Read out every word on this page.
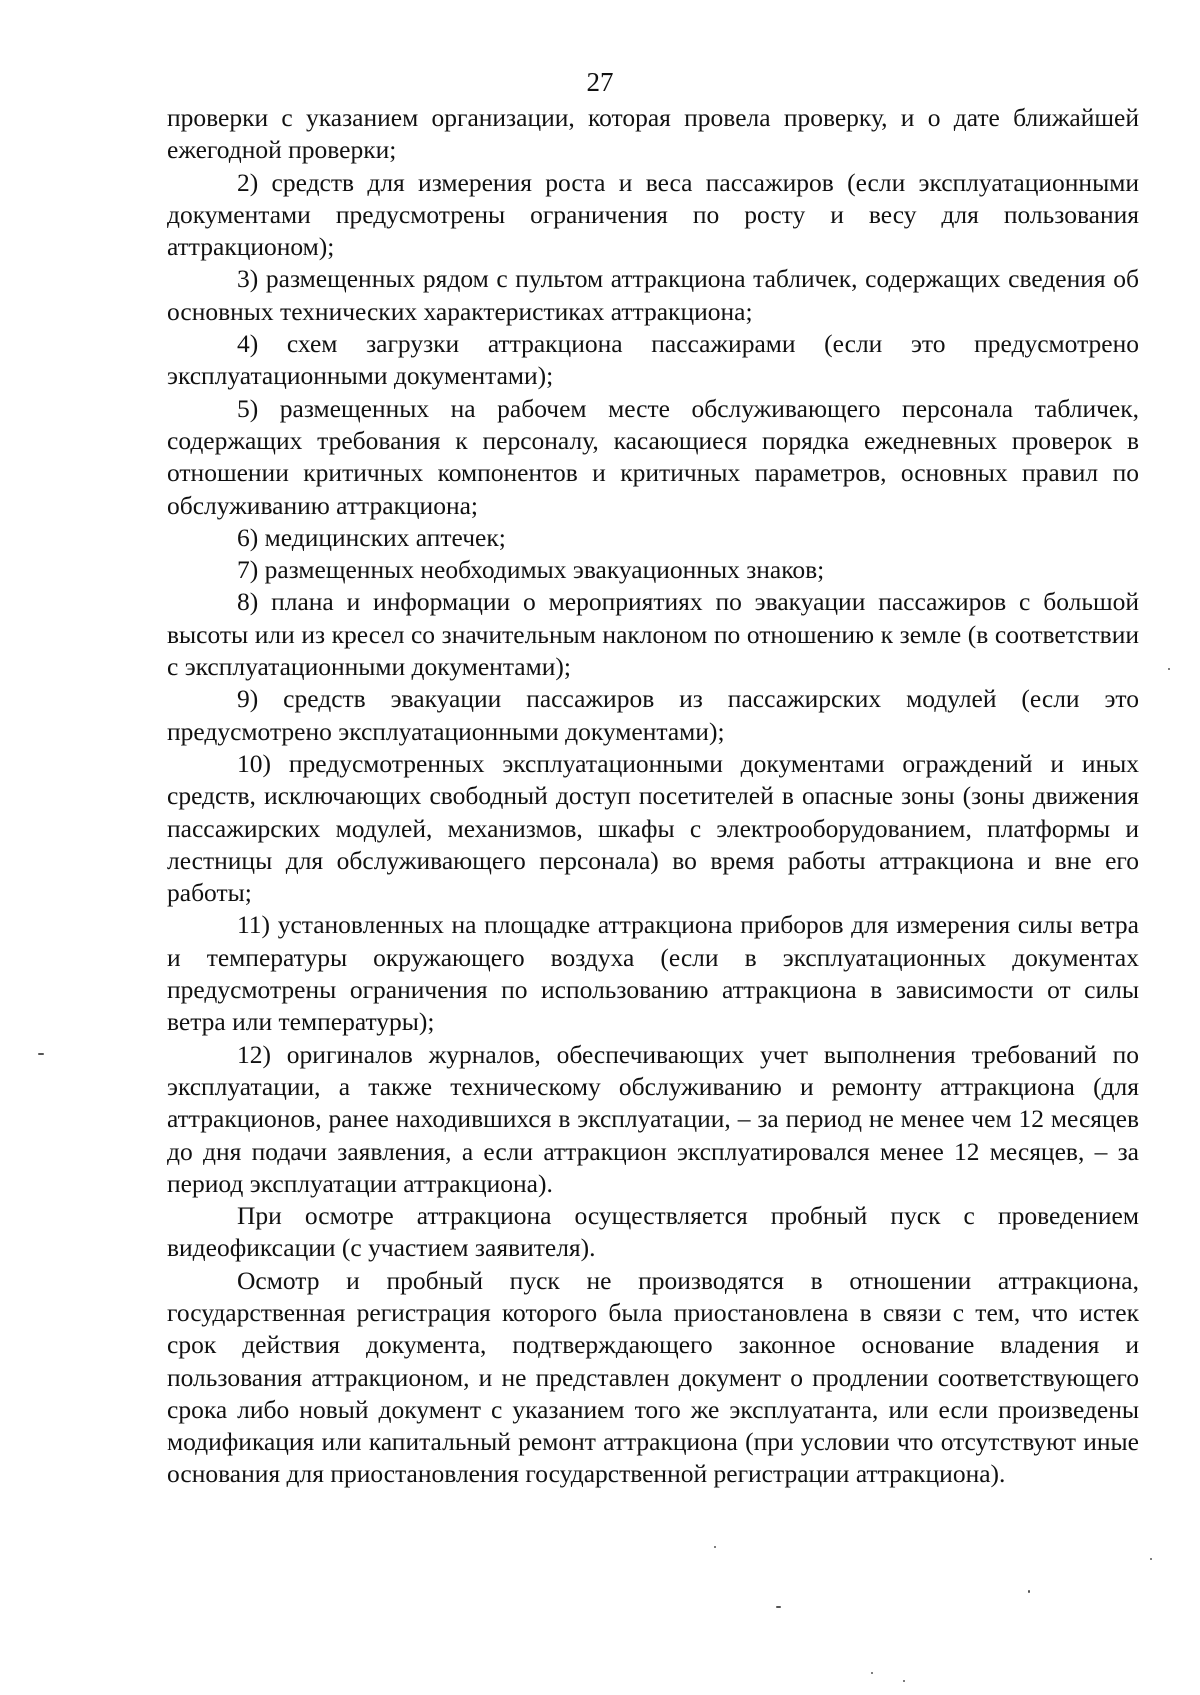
27

проверки с указанием организации, которая провела проверку, и о дате ближайшей ежегодной проверки;

2) средств для измерения роста и веса пассажиров (если эксплуатационными документами предусмотрены ограничения по росту и весу для пользования аттракционом);

3) размещенных рядом с пультом аттракциона табличек, содержащих сведения об основных технических характеристиках аттракциона;

4) схем загрузки аттракциона пассажирами (если это предусмотрено эксплуатационными документами);

5) размещенных на рабочем месте обслуживающего персонала табличек, содержащих требования к персоналу, касающиеся порядка ежедневных проверок в отношении критичных компонентов и критичных параметров, основных правил по обслуживанию аттракциона;

6) медицинских аптечек;

7) размещенных необходимых эвакуационных знаков;

8) плана и информации о мероприятиях по эвакуации пассажиров с большой высоты или из кресел со значительным наклоном по отношению к земле (в соответствии с эксплуатационными документами);

9) средств эвакуации пассажиров из пассажирских модулей (если это предусмотрено эксплуатационными документами);

10) предусмотренных эксплуатационными документами ограждений и иных средств, исключающих свободный доступ посетителей в опасные зоны (зоны движения пассажирских модулей, механизмов, шкафы с электрооборудованием, платформы и лестницы для обслуживающего персонала) во время работы аттракциона и вне его работы;

11) установленных на площадке аттракциона приборов для измерения силы ветра и температуры окружающего воздуха (если в эксплуатационных документах предусмотрены ограничения по использованию аттракциона в зависимости от силы ветра или температуры);

12) оригиналов журналов, обеспечивающих учет выполнения требований по эксплуатации, а также техническому обслуживанию и ремонту аттракциона (для аттракционов, ранее находившихся в эксплуатации, – за период не менее чем 12 месяцев до дня подачи заявления, а если аттракцион эксплуатировался менее 12 месяцев, – за период эксплуатации аттракциона).

При осмотре аттракциона осуществляется пробный пуск с проведением видеофиксации (с участием заявителя).

Осмотр и пробный пуск не производятся в отношении аттракциона, государственная регистрация которого была приостановлена в связи с тем, что истек срок действия документа, подтверждающего законное основание владения и пользования аттракционом, и не представлен документ о продлении соответствующего срока либо новый документ с указанием того же эксплуатанта, или если произведены модификация или капитальный ремонт аттракциона (при условии что отсутствуют иные основания для приостановления государственной регистрации аттракциона).
